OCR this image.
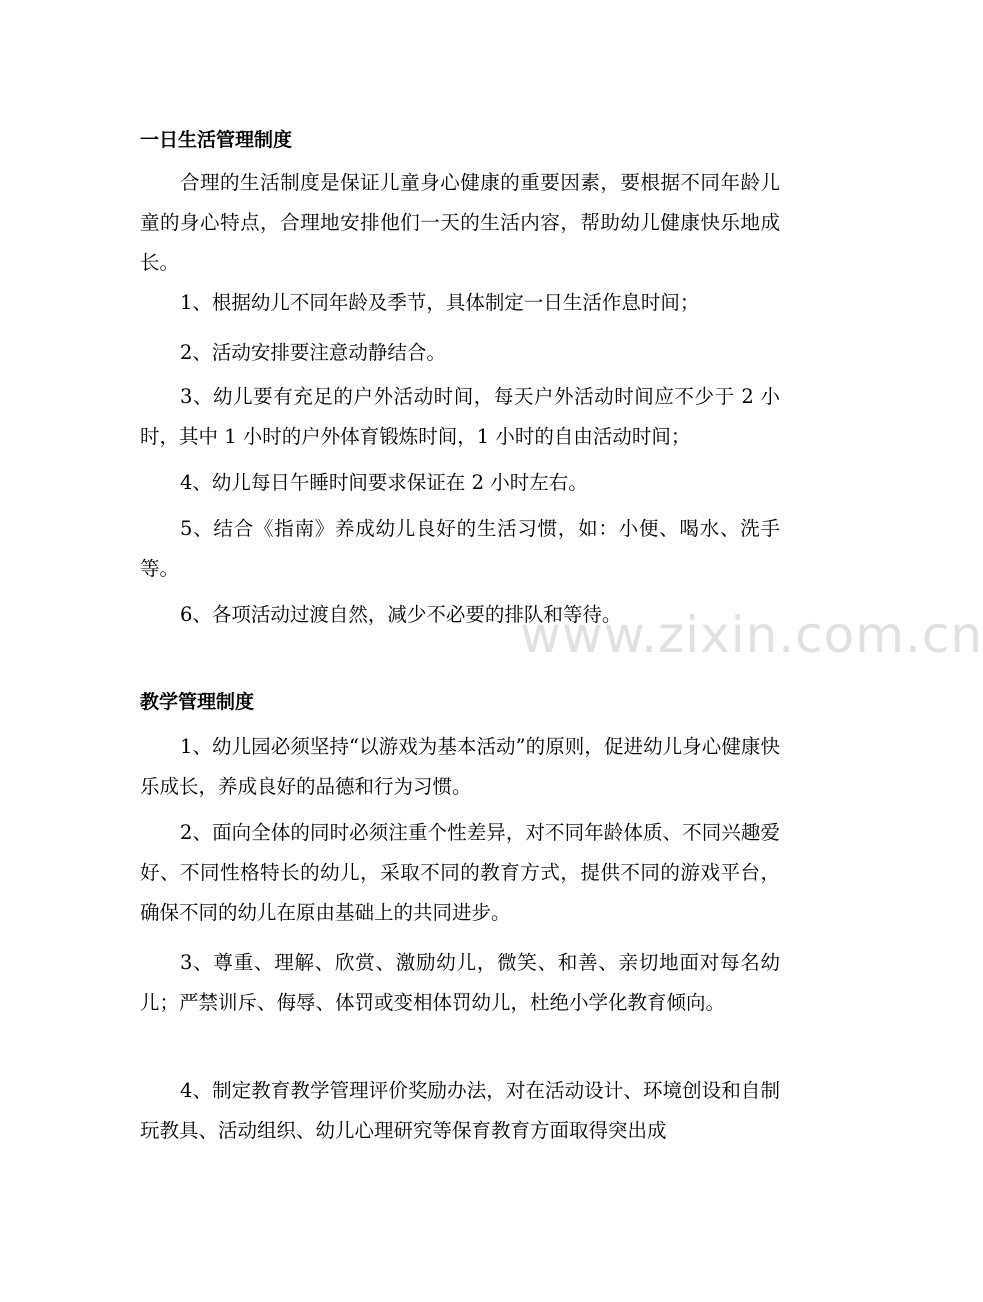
一日生活管理制度

合理的生活制度是保证儿童身心健康的重要因素，要根据不同年龄儿童的身心特点，合理地安排他们一天的生活内容，帮助幼儿健康快乐地成长。

1、根据幼儿不同年龄及季节，具体制定一日生活作息时间；

2、活动安排要注意动静结合。

3、幼儿要有充足的户外活动时间，每天户外活动时间应不少于 2 小时，其中 1 小时的户外体育锻炼时间，1 小时的自由活动时间；

4、幼儿每日午睡时间要求保证在 2 小时左右。

5、结合《指南》养成幼儿良好的生活习惯，如：小便、喝水、洗手等。

6、各项活动过渡自然，减少不必要的排队和等待。

www.zixin.com.cn
教学管理制度

1、幼儿园必须坚持“以游戏为基本活动”的原则，促进幼儿身心健康快乐成长，养成良好的品德和行为习惯。

2、面向全体的同时必须注重个性差异，对不同年龄体质、不同兴趣爱好、不同性格特长的幼儿，采取不同的教育方式，提供不同的游戏平台，确保不同的幼儿在原由基础上的共同进步。

3、尊重、理解、欣赏、激励幼儿，微笑、和善、亲切地面对每名幼儿；严禁训斥、侮辱、体罚或变相体罚幼儿，杜绝小学化教育倾向。

4、制定教育教学管理评价奖励办法，对在活动设计、环境创设和自制玩教具、活动组织、幼儿心理研究等保育教育方面取得突出成
